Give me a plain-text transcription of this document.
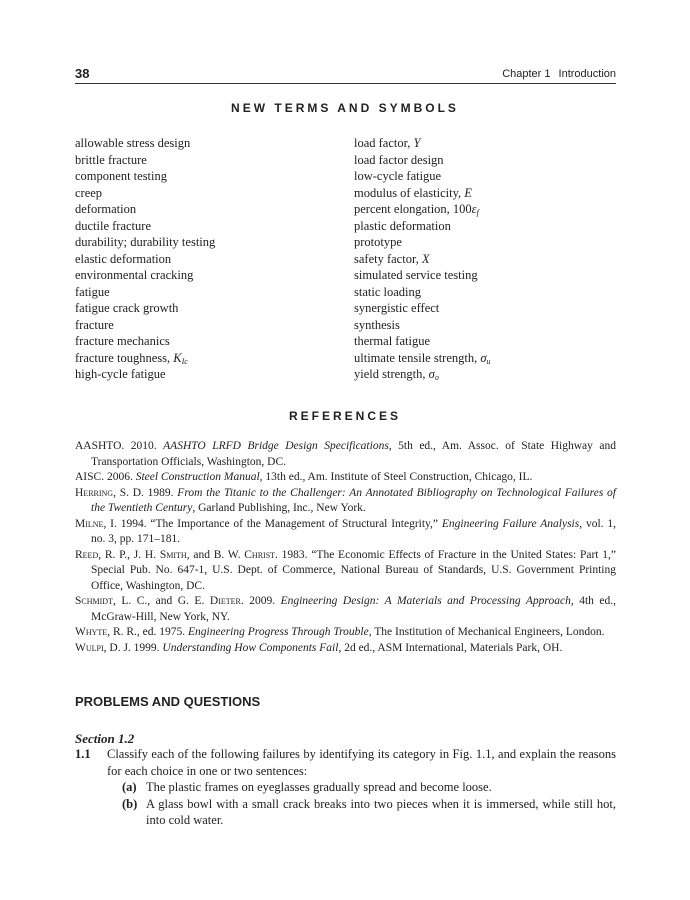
38	Chapter 1 Introduction
NEW TERMS AND SYMBOLS
allowable stress design
brittle fracture
component testing
creep
deformation
ductile fracture
durability; durability testing
elastic deformation
environmental cracking
fatigue
fatigue crack growth
fracture
fracture mechanics
fracture toughness, $K_{Ic}$
high-cycle fatigue
load factor, Y
load factor design
low-cycle fatigue
modulus of elasticity, E
percent elongation, $100\varepsilon_f$
plastic deformation
prototype
safety factor, X
simulated service testing
static loading
synergistic effect
synthesis
thermal fatigue
ultimate tensile strength, $\sigma_u$
yield strength, $\sigma_o$
REFERENCES
AASHTO. 2010. AASHTO LRFD Bridge Design Specifications, 5th ed., Am. Assoc. of State Highway and Transportation Officials, Washington, DC.
AISC. 2006. Steel Construction Manual, 13th ed., Am. Institute of Steel Construction, Chicago, IL.
Herring, S. D. 1989. From the Titanic to the Challenger: An Annotated Bibliography on Technological Failures of the Twentieth Century, Garland Publishing, Inc., New York.
Milne, I. 1994. “The Importance of the Management of Structural Integrity,” Engineering Failure Analysis, vol. 1, no. 3, pp. 171–181.
Reed, R. P., J. H. Smith, and B. W. Christ. 1983. “The Economic Effects of Fracture in the United States: Part 1,” Special Pub. No. 647-1, U.S. Dept. of Commerce, National Bureau of Standards, U.S. Government Printing Office, Washington, DC.
Schmidt, L. C., and G. E. Dieter. 2009. Engineering Design: A Materials and Processing Approach, 4th ed., McGraw-Hill, New York, NY.
Whyte, R. R., ed. 1975. Engineering Progress Through Trouble, The Institution of Mechanical Engineers, London.
Wulpi, D. J. 1999. Understanding How Components Fail, 2d ed., ASM International, Materials Park, OH.
PROBLEMS AND QUESTIONS
Section 1.2
1.1	Classify each of the following failures by identifying its category in Fig. 1.1, and explain the reasons for each choice in one or two sentences:
(a) The plastic frames on eyeglasses gradually spread and become loose.
(b) A glass bowl with a small crack breaks into two pieces when it is immersed, while still hot, into cold water.
